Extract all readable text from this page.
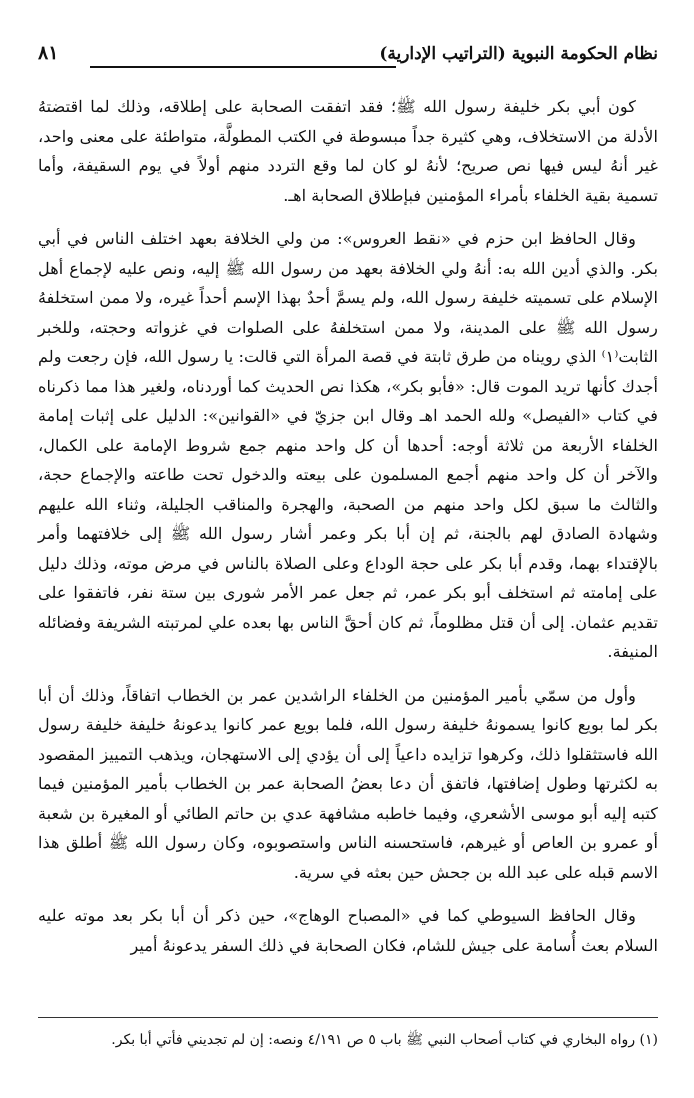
نظام الحكومة النبوية (التراتيب الإدارية)
٨١

كون أبي بكر خليفة رسول الله ﷺ؛ فقد اتفقت الصحابة على إطلاقه، وذلك لما اقتضتهُ الأدلة من الاستخلاف، وهي كثيرة جداً مبسوطة في الكتب المطولَّة، متواطئة على معنى واحد، غير أنهُ ليس فيها نص صريح؛ لأنهُ لو كان لما وقع التردد منهم أولاً في يوم السقيفة، وأما تسمية بقية الخلفاء بأمراء المؤمنين فبإطلاق الصحابة اهـ.

وقال الحافظ ابن حزم في «نقط العروس»: من ولي الخلافة بعهد اختلف الناس في أبي بكر. والذي أدين الله به: أنهُ ولي الخلافة بعهد من رسول الله ﷺ إليه، ونص عليه لإجماع أهل الإسلام على تسميته خليفة رسول الله، ولم يسمَّ أحدٌ بهذا الإسم أحداً غيره، ولا ممن استخلفهُ رسول الله ﷺ على المدينة، ولا ممن استخلفهُ على الصلوات في غزواته وحجته، وللخبر الثابت⁽١⁾ الذي رويناه من طرق ثابتة في قصة المرأة التي قالت: يا رسول الله، فإن رجعت ولم أجدك كأنها تريد الموت قال: «فأبو بكر»، هكذا نص الحديث كما أوردناه، ولغير هذا مما ذكرناه في كتاب «الفيصل» ولله الحمد اهـ وقال ابن جزيّ في «القوانين»: الدليل على إثبات إمامة الخلفاء الأربعة من ثلاثة أوجه: أحدها أن كل واحد منهم جمع شروط الإمامة على الكمال، والآخر أن كل واحد منهم أجمع المسلمون على بيعته والدخول تحت طاعته والإجماع حجة، والثالث ما سبق لكل واحد منهم من الصحبة، والهجرة والمناقب الجليلة، وثناء الله عليهم وشهادة الصادق لهم بالجنة، ثم إن أبا بكر وعمر أشار رسول الله ﷺ إلى خلافتهما وأمر بالإقتداء بهما، وقدم أبا بكر على حجة الوداع وعلى الصلاة بالناس في مرض موته، وذلك دليل على إمامته ثم استخلف أبو بكر عمر، ثم جعل عمر الأمر شورى بين ستة نفر، فاتفقوا على تقديم عثمان. إلى أن قتل مظلوماً، ثم كان أحقَّ الناس بها بعده علي لمرتبته الشريفة وفضائله المنيفة.

وأول من سمّي بأمير المؤمنين من الخلفاء الراشدين عمر بن الخطاب اتفاقاً، وذلك أن أبا بكر لما بويع كانوا يسمونهُ خليفة رسول الله، فلما بويع عمر كانوا يدعونهُ خليفة خليفة رسول الله فاستثقلوا ذلك، وكرهوا تزايده داعياً إلى أن يؤدي إلى الاستهجان، ويذهب التمييز المقصود به لكثرتها وطول إضافتها، فاتفق أن دعا بعضُ الصحابة عمر بن الخطاب بأمير المؤمنين فيما كتبه إليه أبو موسى الأشعري، وفيما خاطبه مشافهة عدي بن حاتم الطائي أو المغيرة بن شعبة أو عمرو بن العاص أو غيرهم، فاستحسنه الناس واستصوبوه، وكان رسول الله ﷺ أطلق هذا الاسم قبله على عبد الله بن جحش حين بعثه في سرية.

وقال الحافظ السيوطي كما في «المصباح الوهاج»، حين ذكر أن أبا بكر بعد موته عليه السلام بعث أُسامة على جيش للشام، فكان الصحابة في ذلك السفر يدعونهُ أمير

(١) رواه البخاري في كتاب أصحاب النبي ﷺ باب ٥ ص ٤/١٩١ ونصه: إن لم تجديني فأتي أبا بكر.
